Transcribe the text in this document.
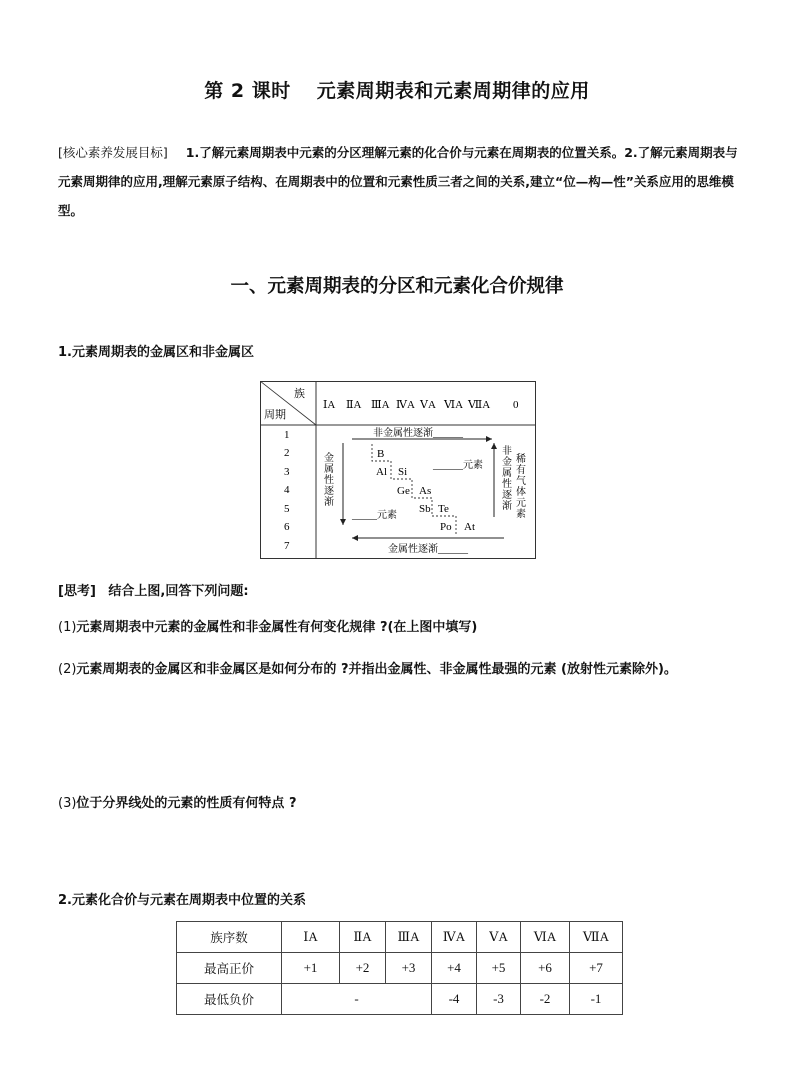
第 2 课时 元素周期表和元素周期律的应用
[核心素养发展目标] 1.了解元素周期表中元素的分区理解元素的化合价与元素在周期表的位置关系。2.了解元素周期表与元素周期律的应用,理解元素原子结构、在周期表中的位置和元素性质三者之间的关系,建立“位—构—性”关系应用的思维模型。
一、元素周期表的分区和元素化合价规律
1.元素周期表的金属区和非金属区
族
周期
ⅠA ⅡA ⅢA ⅣA ⅤA ⅥA ⅦA 0
1
2
3
4
5
6
7
非金属性逐渐______
金属性逐渐______
金
属
性
逐
渐
非
金
属
性
逐
渐
稀
有
气
体
元
素
B
Al Si
Ge As
Sb Te
Po At
______元素
_____元素
[思考] 结合上图,回答下列问题:
(1)元素周期表中元素的金属性和非金属性有何变化规律 ?(在上图中填写)
(2)元素周期表的金属区和非金属区是如何分布的 ?并指出金属性、非金属性最强的元素 (放射性元素除外)。
(3)位于分界线处的元素的性质有何特点 ?
2.元素化合价与元素在周期表中位置的关系
族序数	ⅠA	ⅡA	ⅢA	ⅣA	ⅤA	ⅥA	ⅦA
最高正价	+1	+2	+3	+4	+5	+6	+7
最低负价	-			-4	-3	-2	-1
